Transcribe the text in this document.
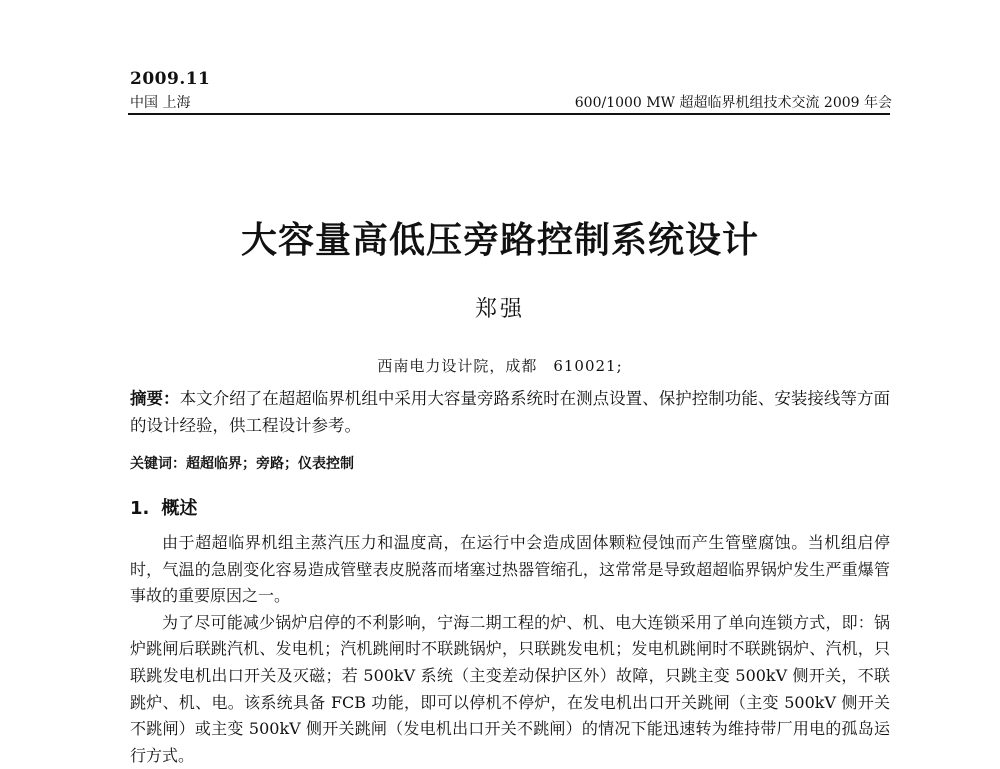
2009.11
中国 上海	600/1000 MW 超超临界机组技术交流 2009 年会
大容量高低压旁路控制系统设计
郑强
西南电力设计院，成都　610021;
摘要：本文介绍了在超超临界机组中采用大容量旁路系统时在测点设置、保护控制功能、安装接线等方面的设计经验，供工程设计参考。
关键词：超超临界；旁路；仪表控制
1. 概述

由于超超临界机组主蒸汽压力和温度高，在运行中会造成固体颗粒侵蚀而产生管壁腐蚀。当机组启停时，气温的急剧变化容易造成管壁表皮脱落而堵塞过热器管缩孔，这常常是导致超超临界锅炉发生严重爆管事故的重要原因之一。

为了尽可能减少锅炉启停的不利影响，宁海二期工程的炉、机、电大连锁采用了单向连锁方式，即：锅炉跳闸后联跳汽机、发电机；汽机跳闸时不联跳锅炉，只联跳发电机；发电机跳闸时不联跳锅炉、汽机，只联跳发电机出口开关及灭磁；若 500kV 系统（主变差动保护区外）故障，只跳主变 500kV 侧开关，不联跳炉、机、电。该系统具备 FCB 功能，即可以停机不停炉，在发电机出口开关跳闸（主变 500kV 侧开关不跳闸）或主变 500kV 侧开关跳闸（发电机出口开关不跳闸）的情况下能迅速转为维持带厂用电的孤岛运行方式。
